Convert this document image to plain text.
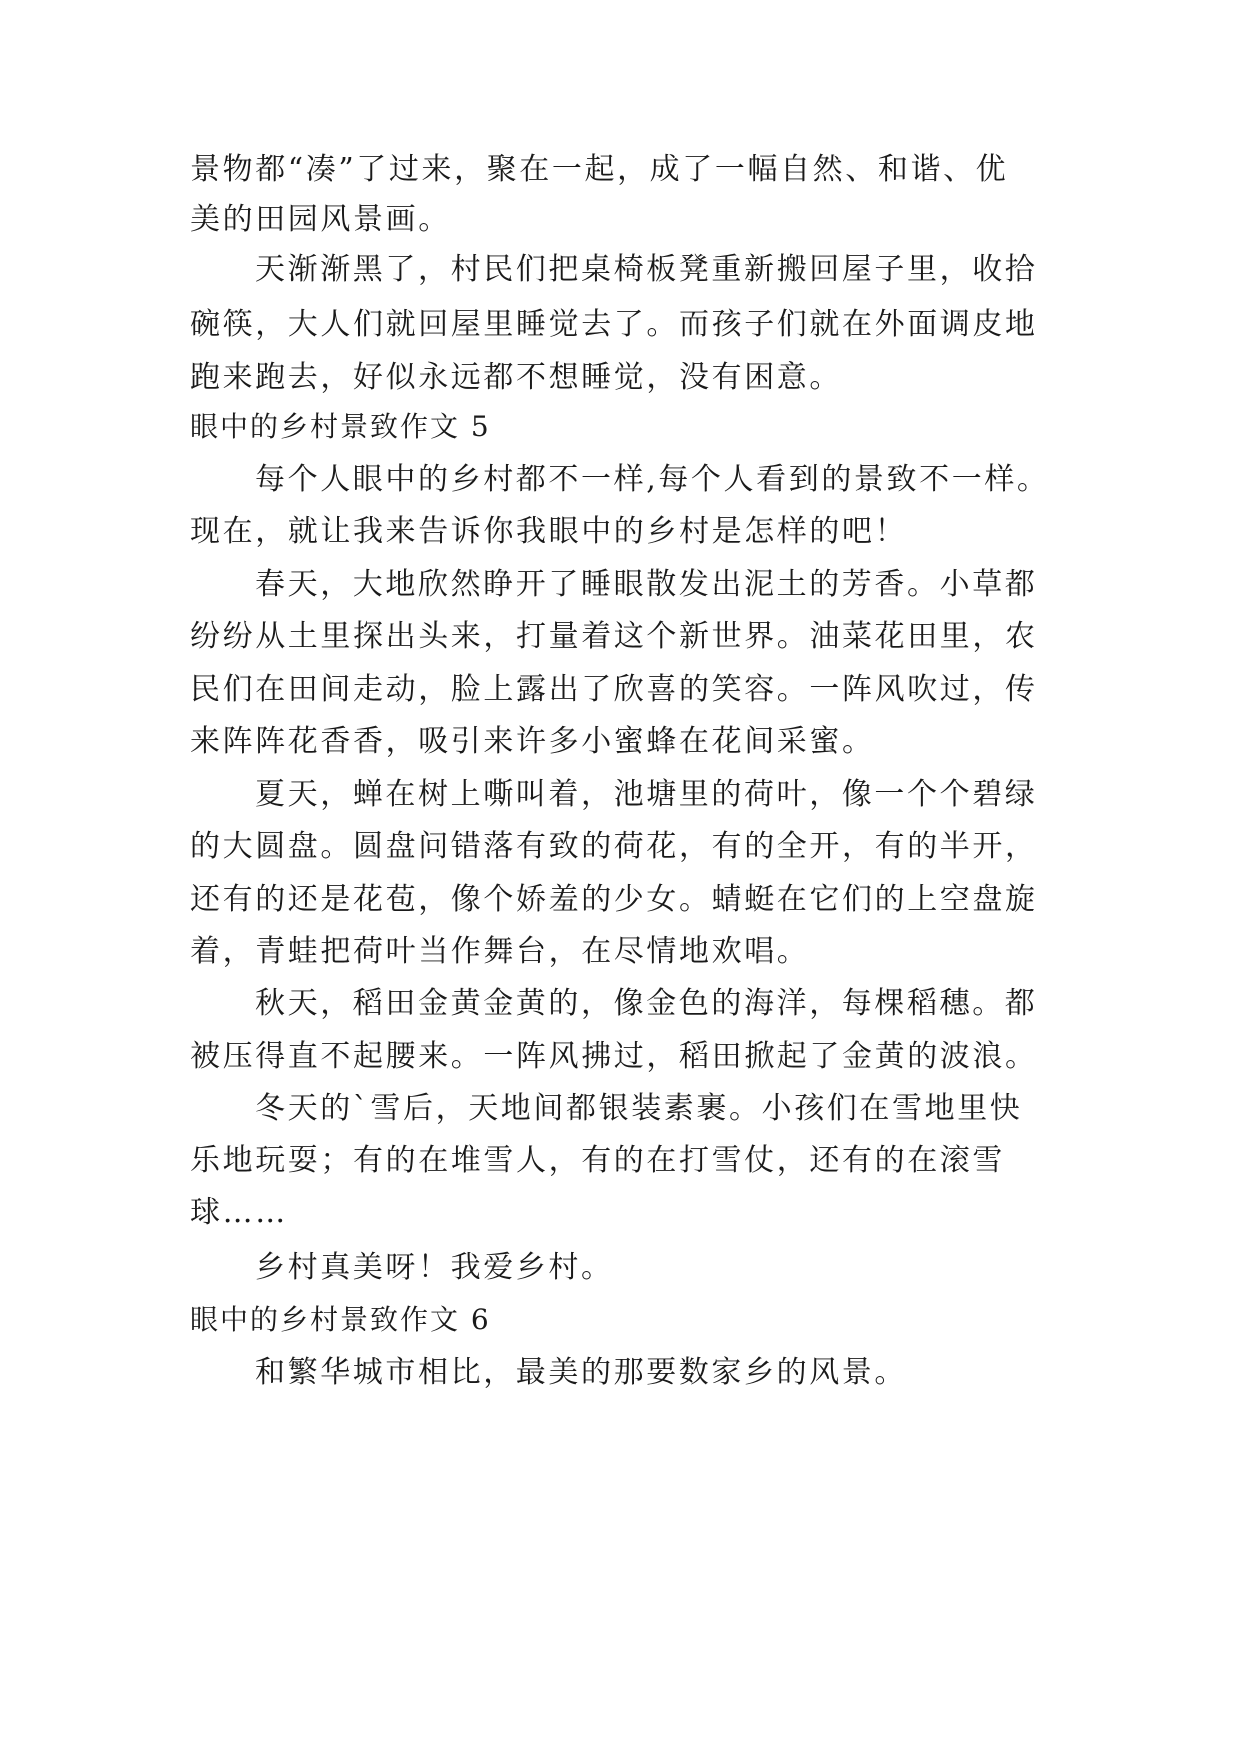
景物都“凑”了过来，聚在一起，成了一幅自然、和谐、优
美的田园风景画。
天渐渐黑了，村民们把桌椅板凳重新搬回屋子里，收拾
碗筷，大人们就回屋里睡觉去了。而孩子们就在外面调皮地
跑来跑去，好似永远都不想睡觉，没有困意。
眼中的乡村景致作文 5
每个人眼中的乡村都不一样,每个人看到的景致不一样。
现在，就让我来告诉你我眼中的乡村是怎样的吧！
春天，大地欣然睁开了睡眼散发出泥土的芳香。小草都
纷纷从土里探出头来，打量着这个新世界。油菜花田里，农
民们在田间走动，脸上露出了欣喜的笑容。一阵风吹过，传
来阵阵花香香，吸引来许多小蜜蜂在花间采蜜。
夏天，蝉在树上嘶叫着，池塘里的荷叶，像一个个碧绿
的大圆盘。圆盘问错落有致的荷花，有的全开，有的半开，
还有的还是花苞，像个娇羞的少女。蜻蜓在它们的上空盘旋
着，青蛙把荷叶当作舞台，在尽情地欢唱。
秋天，稻田金黄金黄的，像金色的海洋，每棵稻穗。都
被压得直不起腰来。一阵风拂过，稻田掀起了金黄的波浪。
冬天的`雪后，天地间都银装素裹。小孩们在雪地里快
乐地玩耍；有的在堆雪人，有的在打雪仗，还有的在滚雪
球……
乡村真美呀！我爱乡村。
眼中的乡村景致作文 6
和繁华城市相比，最美的那要数家乡的风景。
